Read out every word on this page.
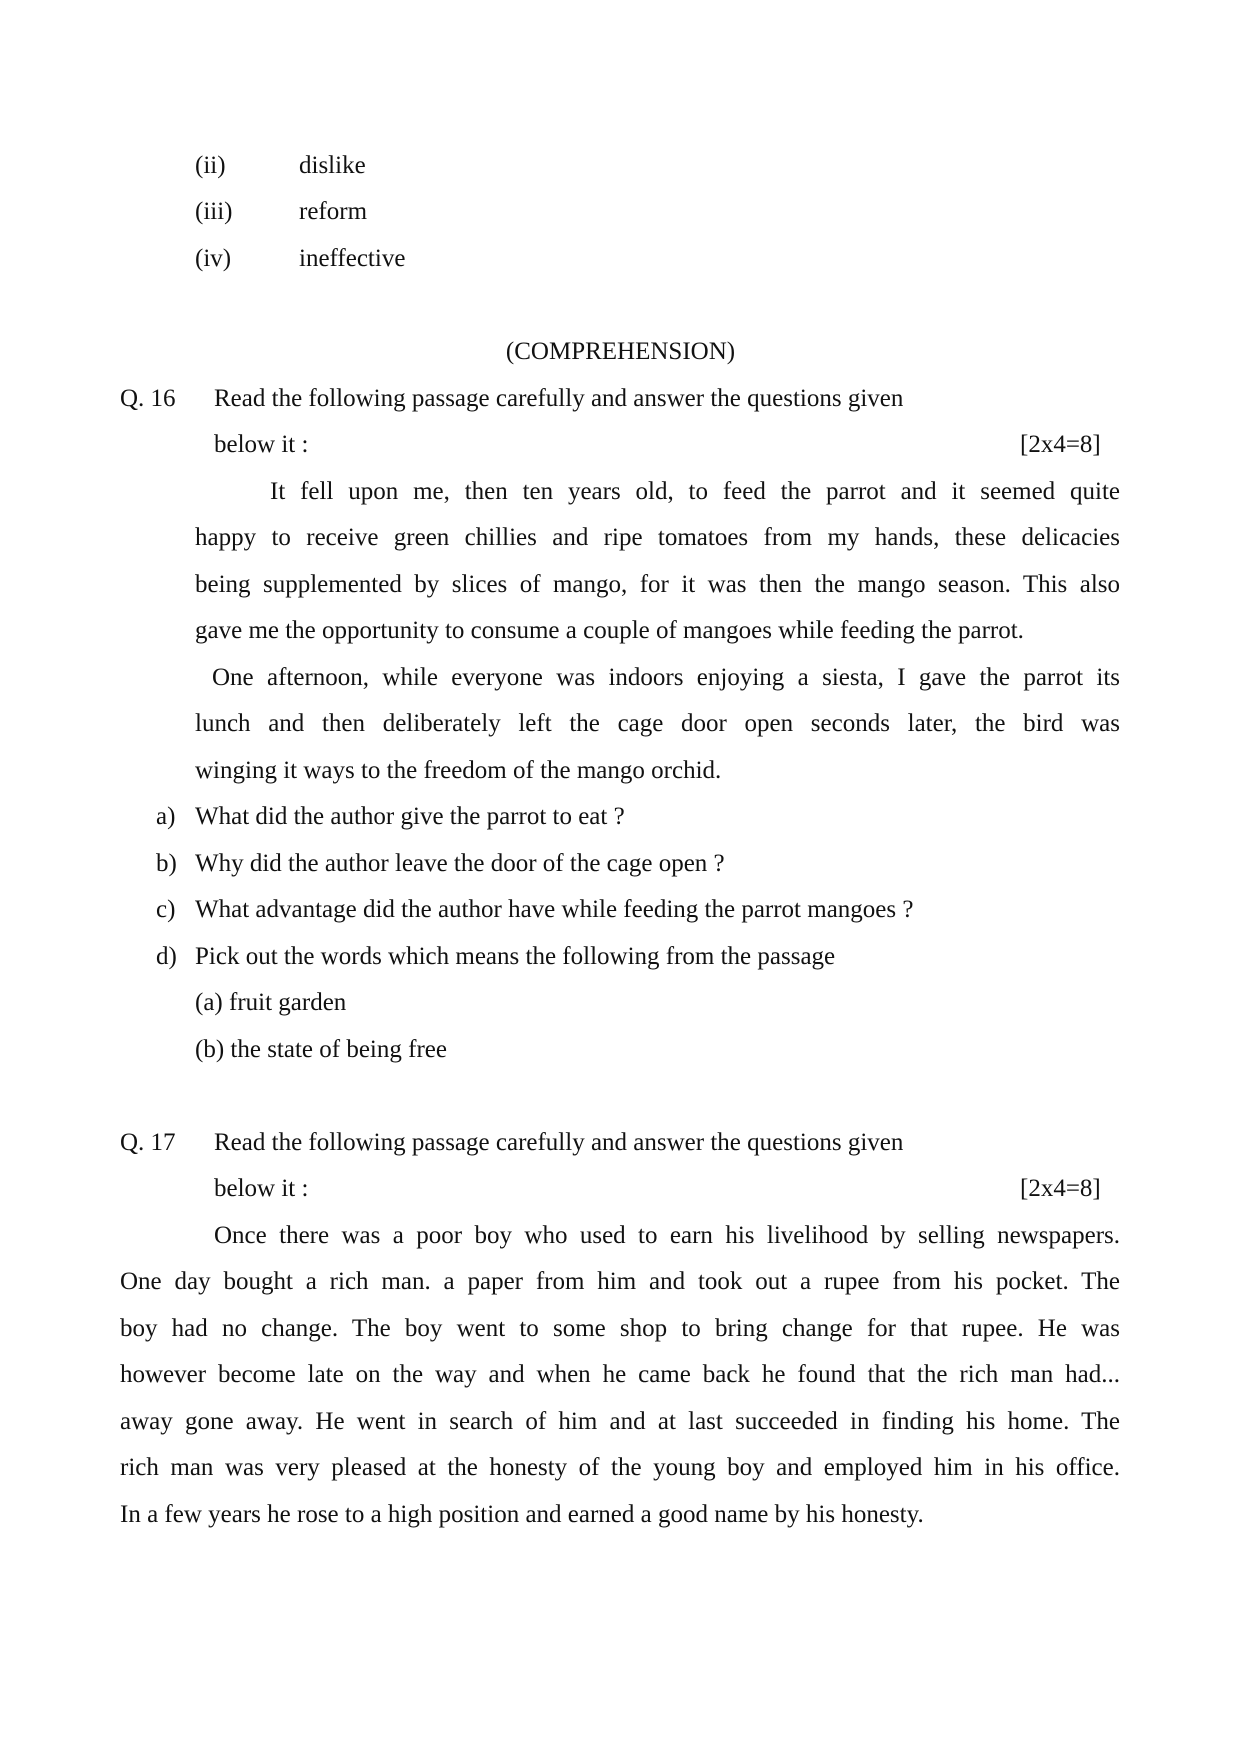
(ii)	dislike
(iii)	reform
(iv)	ineffective
(COMPREHENSION)
Q. 16 Read the following passage carefully and answer the questions given
below it :	[2x4=8]
It fell upon me, then ten years old, to feed the parrot and it seemed quite
happy to receive green chillies and ripe tomatoes from my hands, these delicacies
being supplemented by slices of mango, for it was then the mango season. This also
gave me the opportunity to consume a couple of mangoes while feeding the parrot.
One afternoon, while everyone was indoors enjoying a siesta, I gave the parrot its
lunch and then deliberately left the cage door open seconds later, the bird was
winging it ways to the freedom of the mango orchid.
a) What did the author give the parrot to eat ?
b) Why did the author leave the door of the cage open ?
c) What advantage did the author have while feeding the parrot mangoes ?
d) Pick out the words which means the following from the passage
(a) fruit garden
(b) the state of being free
Q. 17 Read the following passage carefully and answer the questions given
below it :	[2x4=8]
Once there was a poor boy who used to earn his livelihood by selling newspapers.
One day bought a rich man. a paper from him and took out a rupee from his pocket. The
boy had no change. The boy went to some shop to bring change for that rupee. He was
however become late on the way and when he came back he found that the rich man had...
away gone away. He went in search of him and at last succeeded in finding his home. The
rich man was very pleased at the honesty of the young boy and employed him in his office.
In a few years he rose to a high position and earned a good name by his honesty.
